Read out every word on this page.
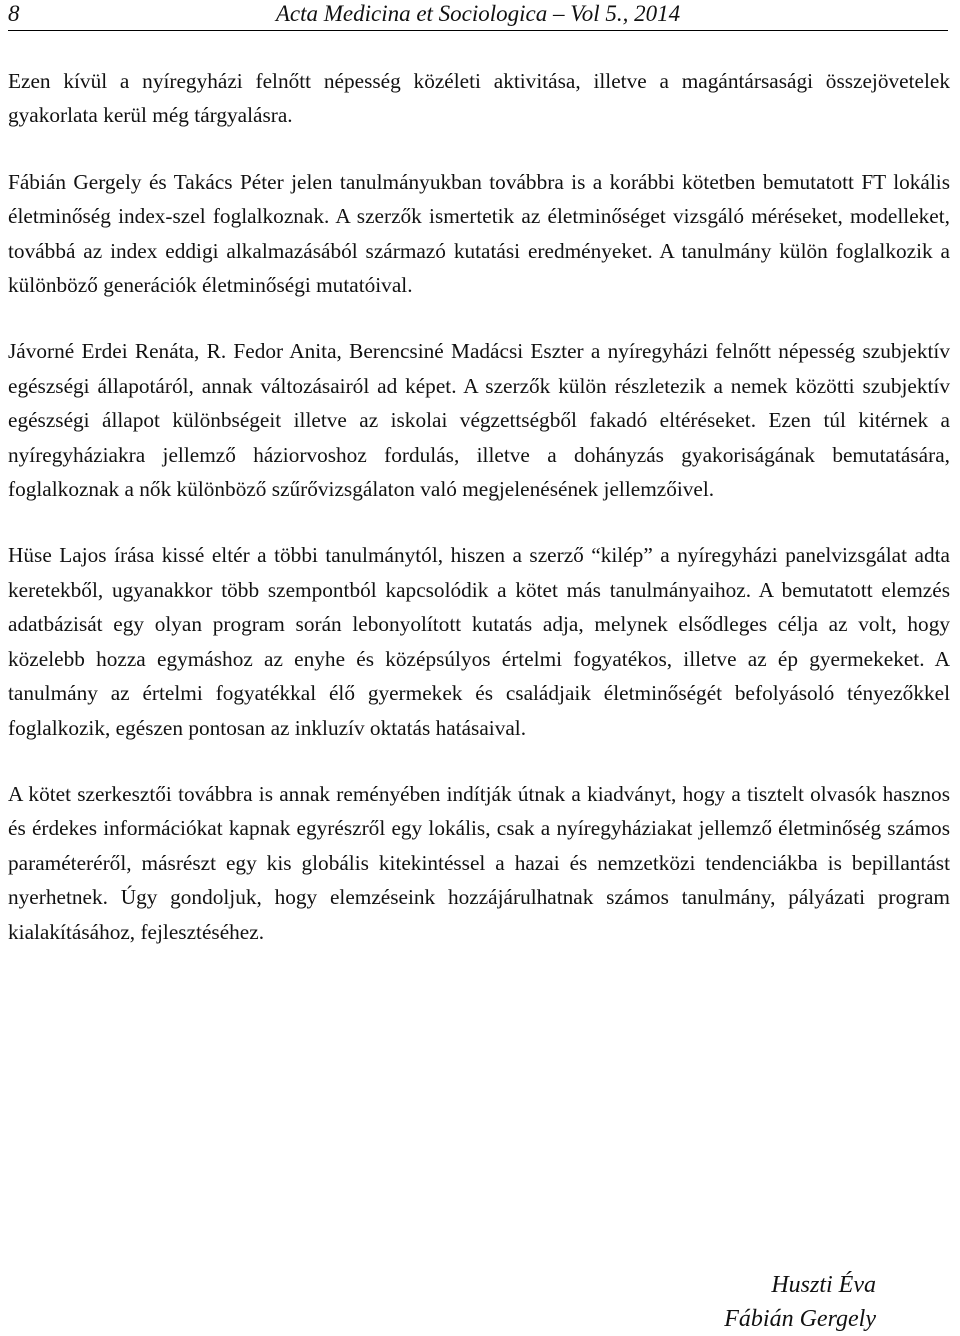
8	Acta Medicina et Sociologica – Vol 5., 2014

Ezen kívül a nyíregyházi felnőtt népesség közéleti aktivitása, illetve a magántársasági összejövetelek gyakorlata kerül még tárgyalásra.

Fábián Gergely és Takács Péter jelen tanulmányukban továbbra is a korábbi kötetben bemutatott FT lokális életminőség index-szel foglalkoznak. A szerzők ismertetik az életminőséget vizsgáló méréseket, modelleket, továbbá az index eddigi alkalmazásából származó kutatási eredményeket. A tanulmány külön foglalkozik a különböző generációk életminőségi mutatóival.

Jávorné Erdei Renáta, R. Fedor Anita, Berencsiné Madácsi Eszter a nyíregyházi felnőtt népesség szubjektív egészségi állapotáról, annak változásairól ad képet. A szerzők külön részletezik a nemek közötti szubjektív egészségi állapot különbségeit illetve az iskolai végzettségből fakadó eltéréseket. Ezen túl kitérnek a nyíregyháziakra jellemző háziorvoshoz fordulás, illetve a dohányzás gyakoriságának bemutatására, foglalkoznak a nők különböző szűrővizsgálaton való megjelenésének jellemzőivel.

Hüse Lajos írása kissé eltér a többi tanulmánytól, hiszen a szerző “kilép” a nyíregyházi panelvizsgálat adta keretekből, ugyanakkor több szempontból kapcsolódik a kötet más tanulmányaihoz. A bemutatott elemzés adatbázisát egy olyan program során lebonyolított kutatás adja, melynek elsődleges célja az volt, hogy közelebb hozza egymáshoz az enyhe és középsúlyos értelmi fogyatékos, illetve az ép gyermekeket. A tanulmány az értelmi fogyatékkal élő gyermekek és családjaik életminőségét befolyásoló tényezőkkel foglalkozik, egészen pontosan az inkluzív oktatás hatásaival.

A kötet szerkesztői továbbra is annak reményében indítják útnak a kiadványt, hogy a tisztelt olvasók hasznos és érdekes információkat kapnak egyrészről egy lokális, csak a nyíregyháziakat jellemző életminőség számos paraméteréről, másrészt egy kis globális kitekintéssel a hazai és nemzetközi tendenciákba is bepillantást nyerhetnek. Úgy gondoljuk, hogy elemzéseink hozzájárulhatnak számos tanulmány, pályázati program kialakításához, fejlesztéséhez.

Huszti Éva
Fábián Gergely
